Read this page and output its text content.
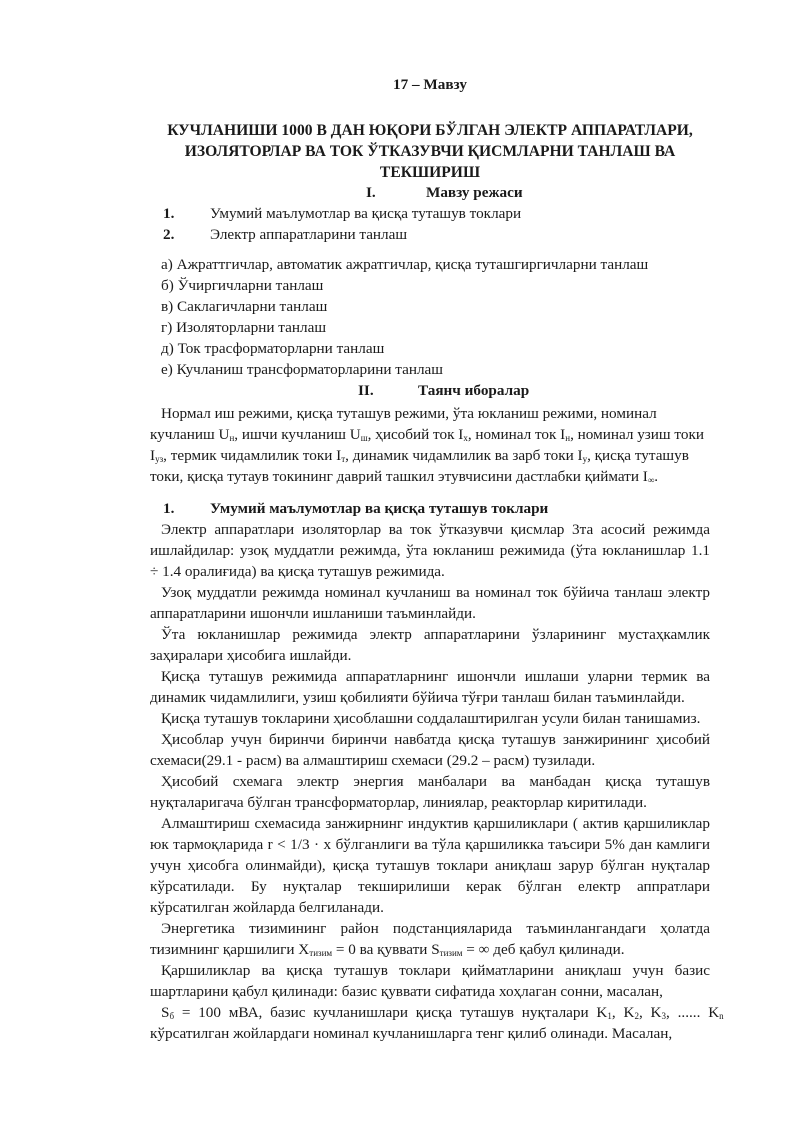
17 – Мавзу
КУЧЛАНИШИ 1000 В ДАН ЮҚОРИ БЎЛГАН ЭЛЕКТР АППАРАТЛАРИ,
ИЗОЛЯТОРЛАР ВА ТОК ЎТКАЗУВЧИ ҚИСМЛАРНИ ТАНЛАШ ВА
ТЕКШИРИШ
I.	Мавзу режаси
1. Умумий маълумотлар ва қисқа туташув токлари
2. Электр аппаратларини танлаш
а) Ажраттгичлар, автоматик ажратгичлар, қисқа туташгиргичларни танлаш
б) Ўчиргичларни танлаш
в) Саклагичларни танлаш
г) Изоляторларни танлаш
д) Ток трасформаторларни танлаш
е) Кучланиш трансформаторларини танлаш
II.	Таянч иборалар
Нормал иш режими, қисқа туташув режими, ўта юкланиш режими, номинал
кучланиш $U_н$, ишчи кучланиш $U_ш$, ҳисобий ток $I_х$, номинал ток $I_н$, номинал узиш токи
$I_{уз}$, термик чидамлилик токи $I_т$, динамик чидамлилик ва зарб токи $I_у$, қисқа туташув
токи, қисқа тутаув токининг даврий ташкил этувчисини дастлабки қиймати $I_\infty$.
1. Умумий маълумотлар ва қисқа туташув токлари
Электр аппаратлари изоляторлар ва ток ўтказувчи қисмлар 3та асосий режимда
ишлайдилар: узоқ муддатли режимда, ўта юкланиш режимида (ўта юкланишлар 1.1
÷ 1.4 оралиғида) ва қисқа туташув режимида.
Узоқ муддатли режимда номинал кучланиш ва номинал ток бўйича танлаш электр
аппаратларини ишончли ишланиши таъминлайди.
Ўта юкланишлар режимида электр аппаратларини ўзларининг мустаҳкамлик
заҳиралари ҳисобига ишлайди.
Қисқа туташув режимида аппаратларнинг ишончли ишлаши уларни термик ва
динамик чидамлилиги, узиш қобилияти бўйича тўғри танлаш билан таъминлайди.
Қисқа туташув токларини ҳисоблашни соддалаштирилган усули билан танишамиз.
Ҳисоблар учун биринчи биринчи навбатда қисқа туташув занжирининг ҳисобий
схемаси(29.1 - расм) ва алмаштириш схемаси (29.2 – расм) тузилади.
Ҳисобий схемага электр энергия манбалари ва манбадан қисқа туташув
нуқталаригача бўлган трансформаторлар, линиялар, реакторлар киритилади.
Алмаштириш схемасида занжирнинг индуктив қаршиликлари ( актив қаршиликлар
юк тармоқларида r < 1/3 · x бўлганлиги ва тўла қаршиликка таъсири 5% дан камлиги
учун ҳисобга олинмайди), қисқа туташув токлари аниқлаш зарур бўлган нуқталар
кўрсатилади. Бу нуқталар текширилиши керак бўлган електр аппратлари
кўрсатилган жойларда белгиланади.
Энергетика тизимининг район подстанцияларида таъминлангандаги ҳолатда
тизимнинг қаршилиги $X_{тизим} = 0$ ва қуввати $S_{тизим}$ = ∞ деб қабул қилинади.
Қаршиликлар ва қисқа туташув токлари қийматларини аниқлаш учун базис
шартларини қабул қилинади: базис қуввати сифатида хоҳлаган сонни, масалан,
$S_б = 100$ мВА, базис кучланишлари қисқа туташув нуқталари $K_1$, $K_2$, $K_3$, ...... $K_n$
кўрсатилган жойлардаги номинал кучланишларга тенг қилиб олинади. Масалан,
